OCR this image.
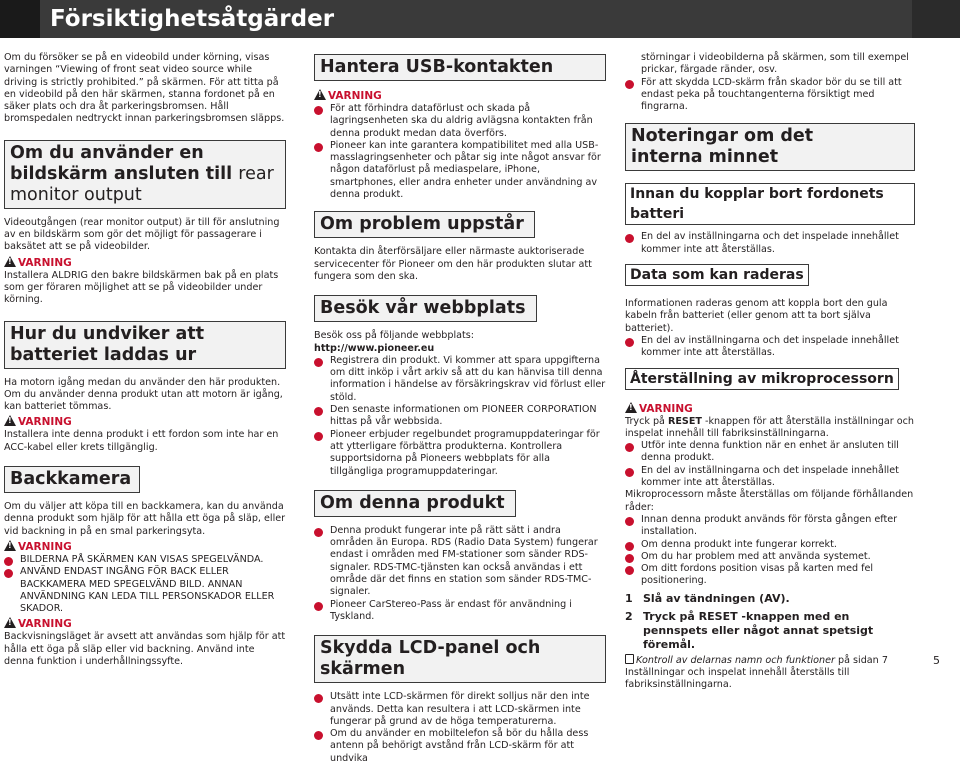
Försiktighetsåtgärder

Om du försöker se på en videobild under körning, visas varningen “Viewing of front seat video source while driving is strictly prohibited.” på skärmen. För att titta på en videobild på den här skärmen, stanna fordonet på en säker plats och dra åt parkeringsbromsen. Håll bromspedalen nedtryckt innan parkeringsbromsen släpps.

Om du använder en bildskärm ansluten till rear monitor output

Videoutgången (rear monitor output) är till för anslutning av en bildskärm som gör det möjligt för passagerare i baksätet att se på videobilder.

!VARNING

Installera ALDRIG den bakre bildskärmen bak på en plats som ger föraren möjlighet att se på videobilder under körning.

Hur du undviker att batteriet laddas ur

Ha motorn igång medan du använder den här produkten. Om du använder denna produkt utan att motorn är igång, kan batteriet tömmas.

!VARNING

Installera inte denna produkt i ett fordon som inte har en ACC-kabel eller krets tillgänglig.

Backkamera

Om du väljer att köpa till en backkamera, kan du använda denna produkt som hjälp för att hålla ett öga på släp, eller vid backning in på en smal parkeringsyta.

!VARNING
BILDERNA PÅ SKÄRMEN KAN VISAS SPEGELVÄNDA.
ANVÄND ENDAST INGÅNG FÖR BACK ELLER BACKKAMERA MED SPEGELVÄND BILD. ANNAN ANVÄNDNING KAN LEDA TILL PERSONSKADOR ELLER SKADOR.
!VARNING

Backvisningsläget är avsett att användas som hjälp för att hålla ett öga på släp eller vid backning. Använd inte denna funktion i underhållningssyfte.

Hantera USB-kontakten
!VARNING
För att förhindra dataförlust och skada på lagringsenheten ska du aldrig avlägsna kontakten från denna produkt medan data överförs.
Pioneer kan inte garantera kompatibilitet med alla USB-masslagringsenheter och påtar sig inte något ansvar för någon dataförlust på mediaspelare, iPhone, smartphones, eller andra enheter under användning av denna produkt.
Om problem uppstår

Kontakta din återförsäljare eller närmaste auktoriserade servicecenter för Pioneer om den här produkten slutar att fungera som den ska.

Besök vår webbplats

Besök oss på följande webbplats:

http://www.pioneer.eu

Registrera din produkt. Vi kommer att spara uppgifterna om ditt inköp i vårt arkiv så att du kan hänvisa till denna information i händelse av försäkringskrav vid förlust eller stöld.
Den senaste informationen om PIONEER CORPORATION hittas på vår webbsida.
Pioneer erbjuder regelbundet programuppdateringar för att ytterligare förbättra produkterna. Kontrollera supportsidorna på Pioneers webbplats för alla tillgängliga programuppdateringar.
Om denna produkt
Denna produkt fungerar inte på rätt sätt i andra områden än Europa. RDS (Radio Data System) fungerar endast i områden med FM-stationer som sänder RDS-signaler. RDS-TMC-tjänsten kan också användas i ett område där det finns en station som sänder RDS-TMC-signaler.
Pioneer CarStereo-Pass är endast för användning i Tyskland.
Skydda LCD-panel och skärmen
Utsätt inte LCD-skärmen för direkt solljus när den inte används. Detta kan resultera i att LCD-skärmen inte fungerar på grund av de höga temperaturerna.
Om du använder en mobiltelefon så bör du hålla dess antenn på behörigt avstånd från LCD-skärm för att undvika

störningar i videobilderna på skärmen, som till exempel prickar, färgade ränder, osv.

För att skydda LCD-skärm från skador bör du se till att endast peka på touchtangenterna försiktigt med fingrarna.
Noteringar om det interna minnet
Innan du kopplar bort fordonets batteri
En del av inställningarna och det inspelade innehållet kommer inte att återställas.
Data som kan raderas

Informationen raderas genom att koppla bort den gula kabeln från batteriet (eller genom att ta bort själva batteriet).

En del av inställningarna och det inspelade innehållet kommer inte att återställas.
Återställning av mikroprocessorn
!VARNING

Tryck på RESET -knappen för att återställa inställningar och inspelat innehåll till fabriksinställningarna.

Utför inte denna funktion när en enhet är ansluten till denna produkt.
En del av inställningarna och det inspelade innehållet kommer inte att återställas.

Mikroprocessorn måste återställas om följande förhållanden råder:

Innan denna produkt används för första gången efter installation.
Om denna produkt inte fungerar korrekt.
Om du har problem med att använda systemet.
Om ditt fordons position visas på karten med fel positionering.
1 Slå av tändningen (AV).
2 Tryck på RESET -knappen med en pennspets eller något annat spetsigt föremål.

Kontroll av delarnas namn och funktioner på sidan 7

Inställningar och inspelat innehåll återställs till fabriksinställningarna.

5
